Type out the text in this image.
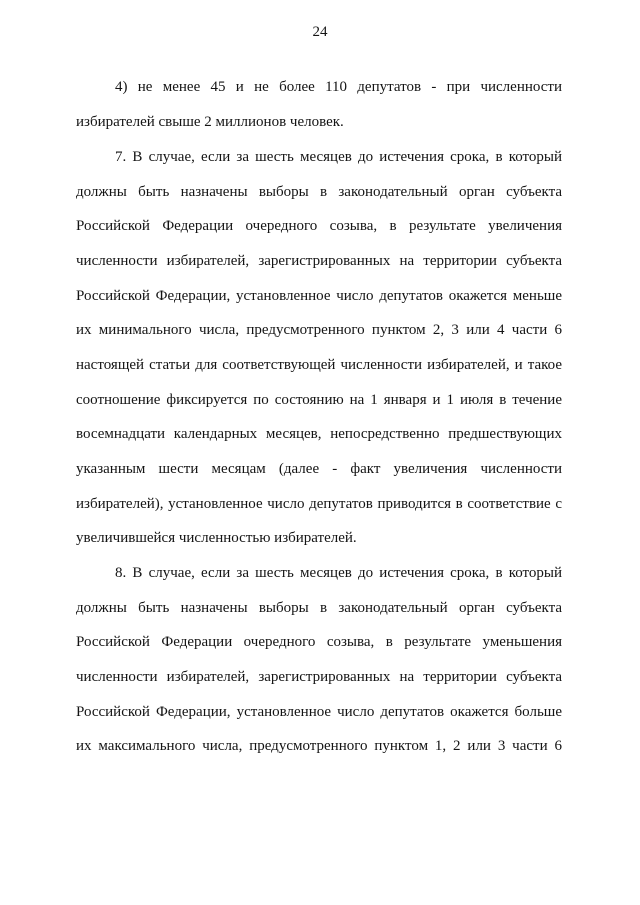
24
4) не менее 45 и не более 110 депутатов - при численности
избирателей свыше 2 миллионов человек.
7. В случае, если за шесть месяцев до истечения срока, в который
должны быть назначены выборы в законодательный орган субъекта
Российской Федерации очередного созыва, в результате увеличения
численности избирателей, зарегистрированных на территории субъекта
Российской Федерации, установленное число депутатов окажется меньше
их минимального числа, предусмотренного пунктом 2, 3 или 4 части 6
настоящей статьи для соответствующей численности избирателей, и такое
соотношение фиксируется по состоянию на 1 января и 1 июля в течение
восемнадцати календарных месяцев, непосредственно предшествующих
указанным шести месяцам (далее - факт увеличения численности
избирателей), установленное число депутатов приводится в соответствие с
увеличившейся численностью избирателей.
8. В случае, если за шесть месяцев до истечения срока, в который
должны быть назначены выборы в законодательный орган субъекта
Российской Федерации очередного созыва, в результате уменьшения
численности избирателей, зарегистрированных на территории субъекта
Российской Федерации, установленное число депутатов окажется больше
их максимального числа, предусмотренного пунктом 1, 2 или 3 части 6
